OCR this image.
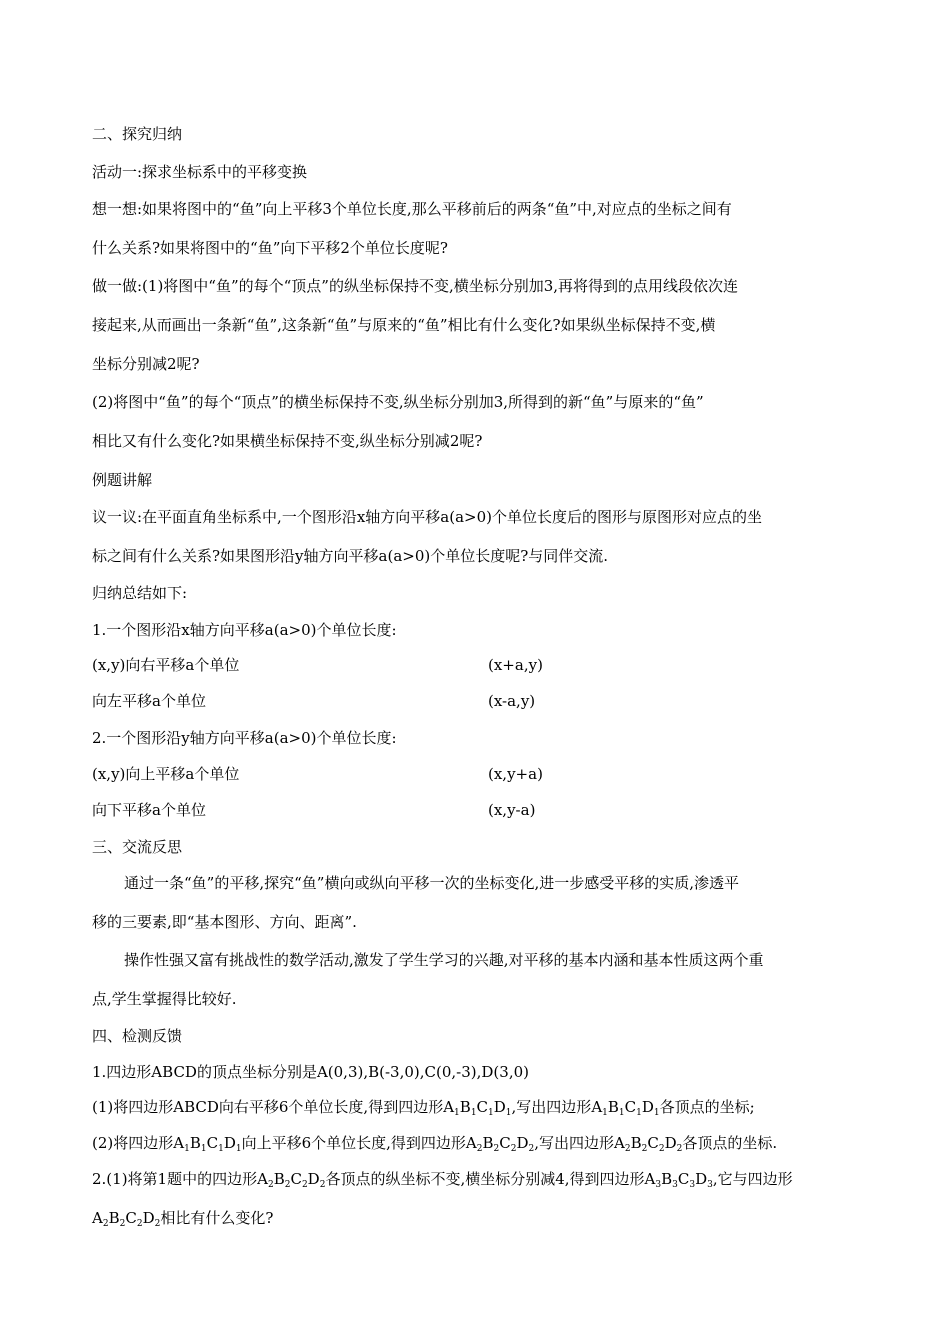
二、探究归纳
活动一:探求坐标系中的平移变换
想一想:如果将图中的“鱼”向上平移3个单位长度,那么平移前后的两条“鱼”中,对应点的坐标之间有
什么关系?如果将图中的“鱼”向下平移2个单位长度呢?
做一做:(1)将图中“鱼”的每个“顶点”的纵坐标保持不变,横坐标分别加3,再将得到的点用线段依次连
接起来,从而画出一条新“鱼”,这条新“鱼”与原来的“鱼”相比有什么变化?如果纵坐标保持不变,横
坐标分别减2呢?
(2)将图中“鱼”的每个“顶点”的横坐标保持不变,纵坐标分别加3,所得到的新“鱼”与原来的“鱼”
相比又有什么变化?如果横坐标保持不变,纵坐标分别减2呢?
例题讲解
议一议:在平面直角坐标系中,一个图形沿x轴方向平移a(a>0)个单位长度后的图形与原图形对应点的坐
标之间有什么关系?如果图形沿y轴方向平移a(a>0)个单位长度呢?与同伴交流.
归纳总结如下:
1.一个图形沿x轴方向平移a(a>0)个单位长度:
(x,y)向右平移a个单位	(x+a,y)
向左平移a个单位	(x-a,y)
2.一个图形沿y轴方向平移a(a>0)个单位长度:
(x,y)向上平移a个单位	(x,y+a)
向下平移a个单位	(x,y-a)
三、交流反思
通过一条“鱼”的平移,探究“鱼”横向或纵向平移一次的坐标变化,进一步感受平移的实质,渗透平
移的三要素,即“基本图形、方向、距离”.
操作性强又富有挑战性的数学活动,激发了学生学习的兴趣,对平移的基本内涵和基本性质这两个重
点,学生掌握得比较好.
四、检测反馈
1.四边形ABCD的顶点坐标分别是A(0,3),B(-3,0),C(0,-3),D(3,0)
(1)将四边形ABCD向右平移6个单位长度,得到四边形$A_1B_1C_1D_1$,写出四边形$A_1B_1C_1D_1$各顶点的坐标;
(2)将四边形$A_1B_1C_1D_1$向上平移6个单位长度,得到四边形$A_2B_2C_2D_2$,写出四边形$A_2B_2C_2D_2$各顶点的坐标.
2.(1)将第1题中的四边形$A_2B_2C_2D_2$各顶点的纵坐标不变,横坐标分别减4,得到四边形$A_3B_3C_3D_3$,它与四边形
$A_2B_2C_2D_2$相比有什么变化?
